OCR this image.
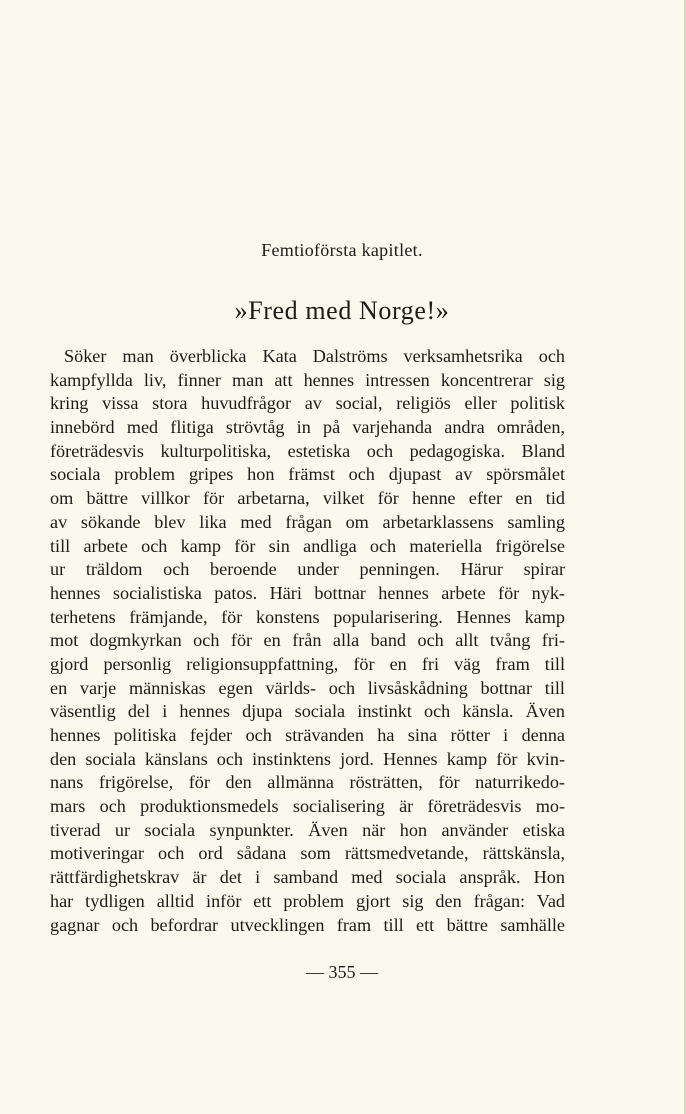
Femtioförsta kapitlet.
»Fred med Norge!»
Söker man överblicka Kata Dalströms verksamhetsrika och
kampfyllda liv, finner man att hennes intressen koncentrerar sig
kring vissa stora huvudfrågor av social, religiös eller politisk
innebörd med flitiga strövtåg in på varjehanda andra områden,
företrädesvis kulturpolitiska, estetiska och pedagogiska. Bland
sociala problem gripes hon främst och djupast av spörsmålet
om bättre villkor för arbetarna, vilket för henne efter en tid
av sökande blev lika med frågan om arbetarklassens samling
till arbete och kamp för sin andliga och materiella frigörelse
ur träldom och beroende under penningen. Härur spirar
hennes socialistiska patos. Häri bottnar hennes arbete för nyk-
terhetens främjande, för konstens popularisering. Hennes kamp
mot dogmkyrkan och för en från alla band och allt tvång fri-
gjord personlig religionsuppfattning, för en fri väg fram till
en varje människas egen världs- och livsåskådning bottnar till
väsentlig del i hennes djupa sociala instinkt och känsla. Även
hennes politiska fejder och strävanden ha sina rötter i denna
den sociala känslans och instinktens jord. Hennes kamp för kvin-
nans frigörelse, för den allmänna rösträtten, för naturrikedo-
mars och produktionsmedels socialisering är företrädesvis mo-
tiverad ur sociala synpunkter. Även när hon använder etiska
motiveringar och ord sådana som rättsmedvetande, rättskänsla,
rättfärdighetskrav är det i samband med sociala anspråk. Hon
har tydligen alltid inför ett problem gjort sig den frågan: Vad
gagnar och befordrar utvecklingen fram till ett bättre samhälle
— 355 —
